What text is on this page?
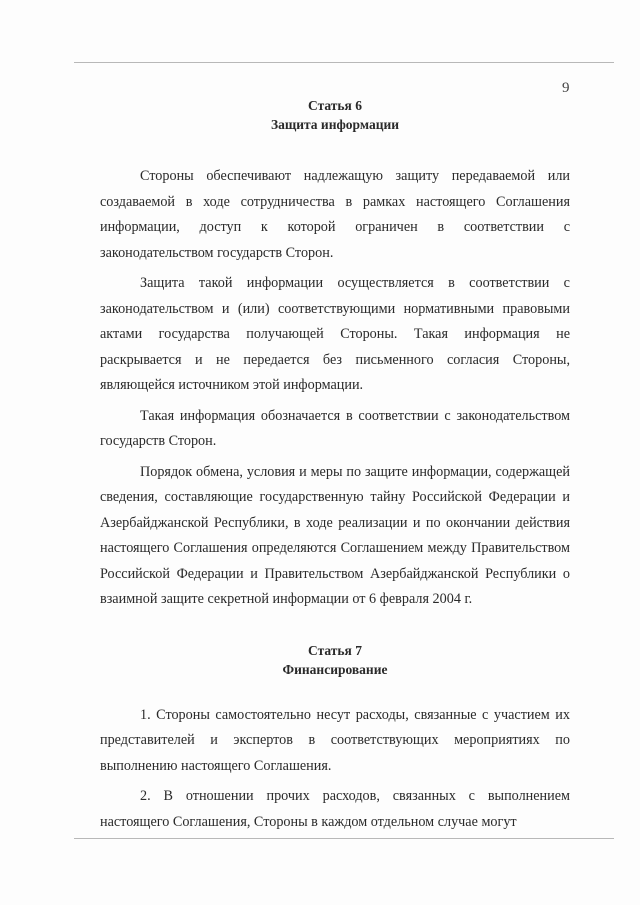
9

Статья 6

Защита информации

Стороны обеспечивают надлежащую защиту передаваемой или создаваемой в ходе сотрудничества в рамках настоящего Соглашения информации, доступ к которой ограничен в соответствии с законодательством государств Сторон.

Защита такой информации осуществляется в соответствии с законодательством и (или) соответствующими нормативными правовыми актами государства получающей Стороны. Такая информация не раскрывается и не передается без письменного согласия Стороны, являющейся источником этой информации.

Такая информация обозначается в соответствии с законодательством государств Сторон.

Порядок обмена, условия и меры по защите информации, содержащей сведения, составляющие государственную тайну Российской Федерации и Азербайджанской Республики, в ходе реализации и по окончании действия настоящего Соглашения определяются Соглашением между Правительством Российской Федерации и Правительством Азербайджанской Республики о взаимной защите секретной информации от 6 февраля 2004 г.

Статья 7

Финансирование

1. Стороны самостоятельно несут расходы, связанные с участием их представителей и экспертов в соответствующих мероприятиях по выполнению настоящего Соглашения.

2. В отношении прочих расходов, связанных с выполнением настоящего Соглашения, Стороны в каждом отдельном случае могут
